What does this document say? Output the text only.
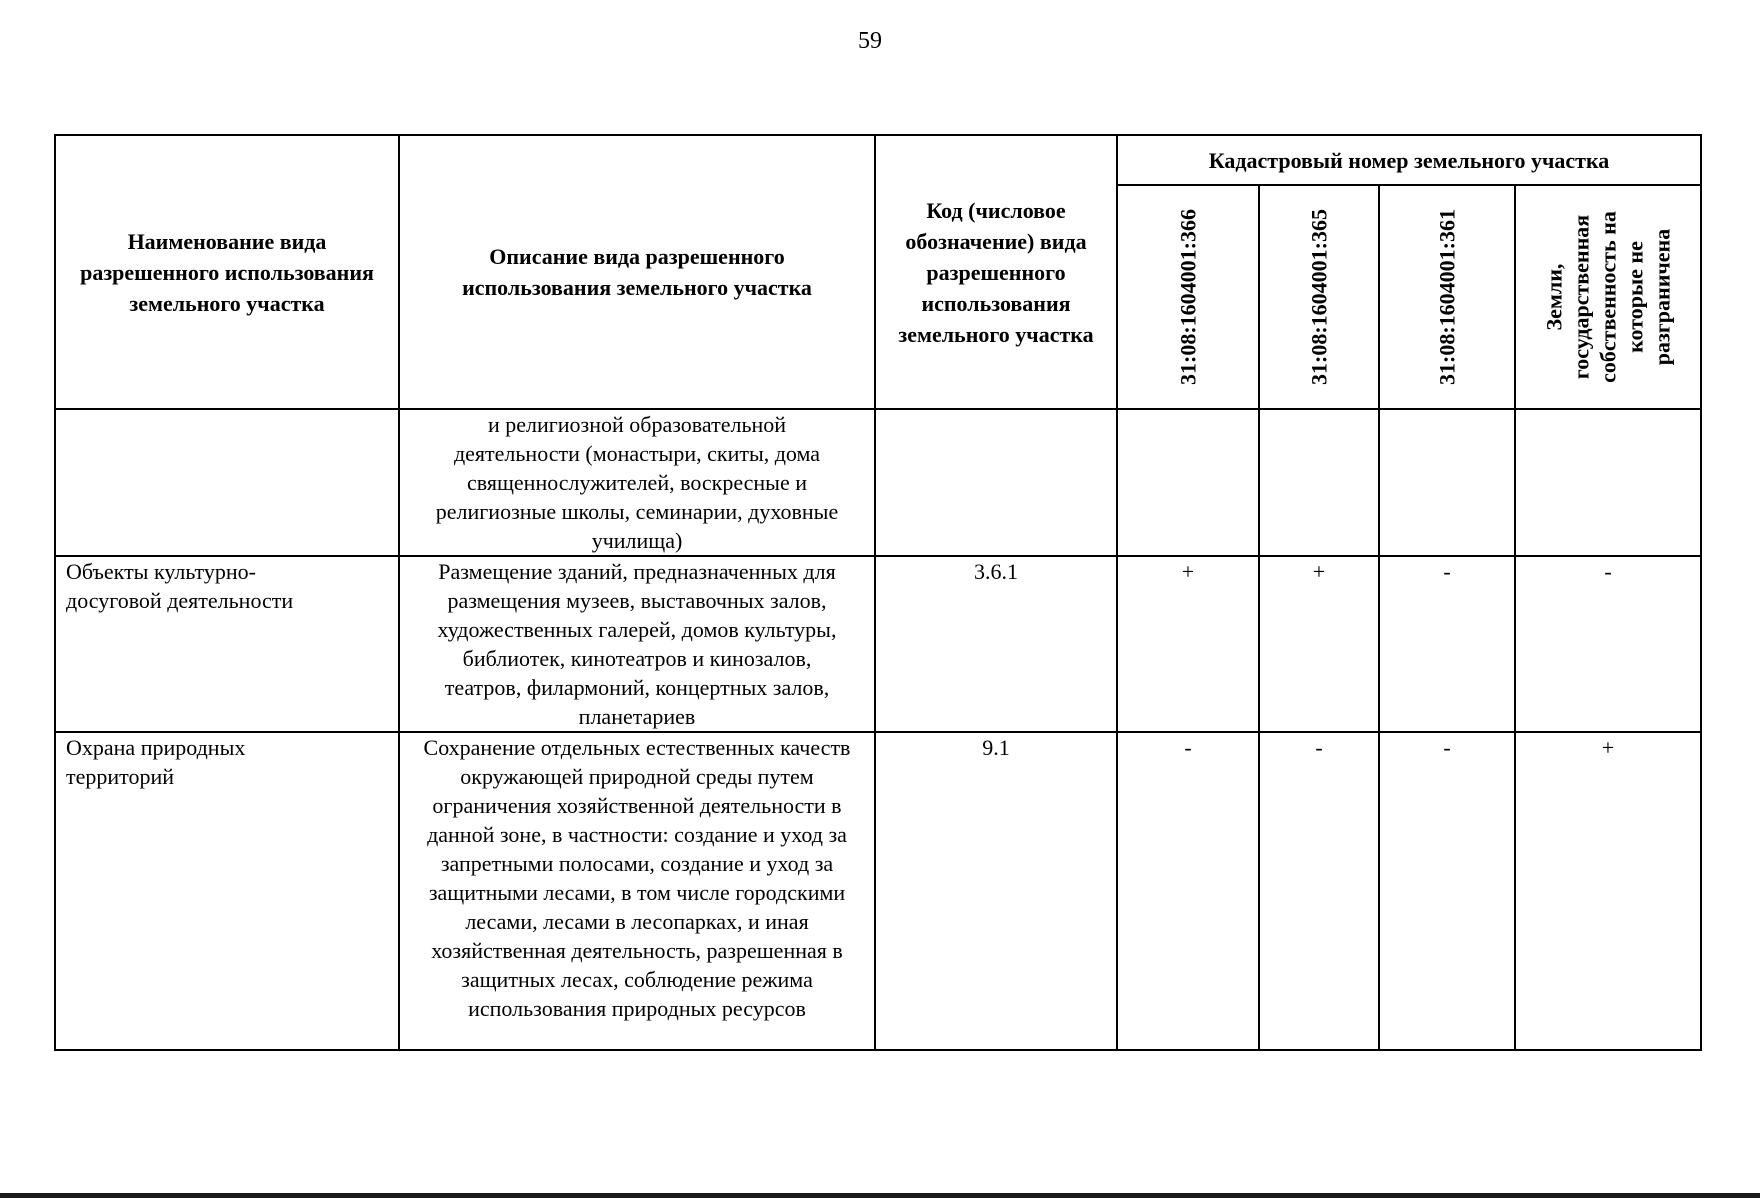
59
Наименование вида разрешенного использования земельного участка	Описание вида разрешенного использования земельного участка	Код (числовое обозначение) вида разрешенного использования земельного участка	Кадастровый номер земельного участка			

			31:08:1604001:366	31:08:1604001:365	31:08:1604001:361	Земли, государственная собственность на которые не разграничена

	и религиозной образовательной деятельности (монастыри, скиты, дома священнослужителей, воскресные и религиозные школы, семинарии, духовные училища)					
Объекты культурно-досуговой деятельности	Размещение зданий, предназначенных для размещения музеев, выставочных залов, художественных галерей, домов культуры, библиотек, кинотеатров и кинозалов, театров, филармоний, концертных залов, планетариев	3.6.1	+	+	-	-
Охрана природных территорий	Сохранение отдельных естественных качеств окружающей природной среды путем ограничения хозяйственной деятельности в данной зоне, в частности: создание и уход за запретными полосами, создание и уход за защитными лесами, в том числе городскими лесами, лесами в лесопарках, и иная хозяйственная деятельность, разрешенная в защитных лесах, соблюдение режима использования природных ресурсов	9.1	-	-	-	+
